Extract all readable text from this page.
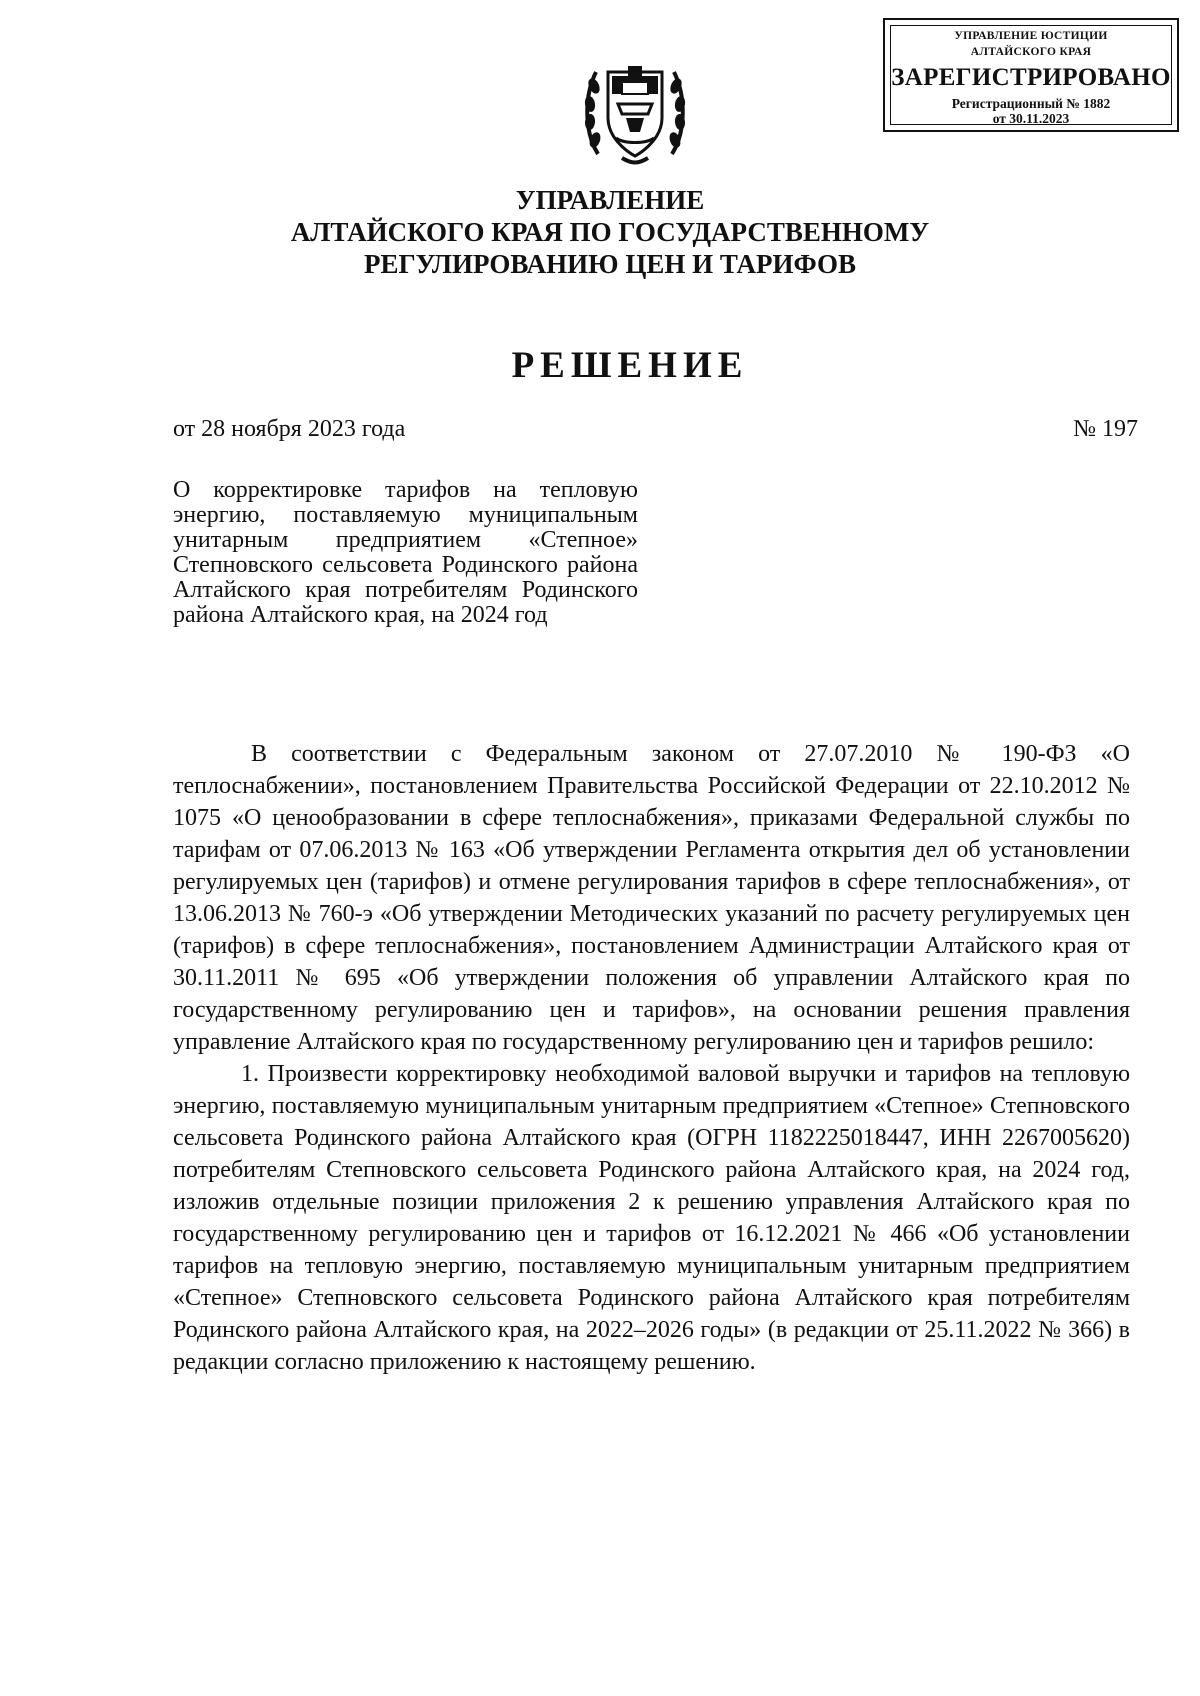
УПРАВЛЕНИЕ ЮСТИЦИИ
АЛТАЙСКОГО КРАЯ
ЗАРЕГИСТРИРОВАНО
Регистрационный № 1882
от 30.11.2023
УПРАВЛЕНИЕ
АЛТАЙСКОГО КРАЯ ПО ГОСУДАРСТВЕННОМУ
РЕГУЛИРОВАНИЮ ЦЕН И ТАРИФОВ
РЕШЕНИЕ
от 28 ноября 2023 года	№ 197
О корректировке тарифов на тепловую энергию, поставляемую муниципальным унитарным предприятием «Степное» Степновского сельсовета Родинского района Алтайского края потребителям Родинского района Алтайского края, на 2024 год

В соответствии с Федеральным законом от 27.07.2010 № 190-ФЗ «О теплоснабжении», постановлением Правительства Российской Федерации от 22.10.2012 № 1075 «О ценообразовании в сфере теплоснабжения», приказами Федеральной службы по тарифам от 07.06.2013 № 163 «Об утверждении Регламента открытия дел об установлении регулируемых цен (тарифов) и отмене регулирования тарифов в сфере теплоснабжения», от 13.06.2013 № 760-э «Об утверждении Методических указаний по расчету регулируемых цен (тарифов) в сфере теплоснабжения», постановлением Администрации Алтайского края от 30.11.2011 № 695 «Об утверждении положения об управлении Алтайского края по государственному регулированию цен и тарифов», на основании решения правления управление Алтайского края по государственному регулированию цен и тарифов решило:

1. Произвести корректировку необходимой валовой выручки и тарифов на тепловую энергию, поставляемую муниципальным унитарным предприятием «Степное» Степновского сельсовета Родинского района Алтайского края (ОГРН 1182225018447, ИНН 2267005620) потребителям Степновского сельсовета Родинского района Алтайского края, на 2024 год, изложив отдельные позиции приложения 2 к решению управления Алтайского края по государственному регулированию цен и тарифов от 16.12.2021 № 466 «Об установлении тарифов на тепловую энергию, поставляемую муниципальным унитарным предприятием «Степное» Степновского сельсовета Родинского района Алтайского края потребителям Родинского района Алтайского края, на 2022–2026 годы» (в редакции от 25.11.2022 № 366) в редакции согласно приложению к настоящему решению.
